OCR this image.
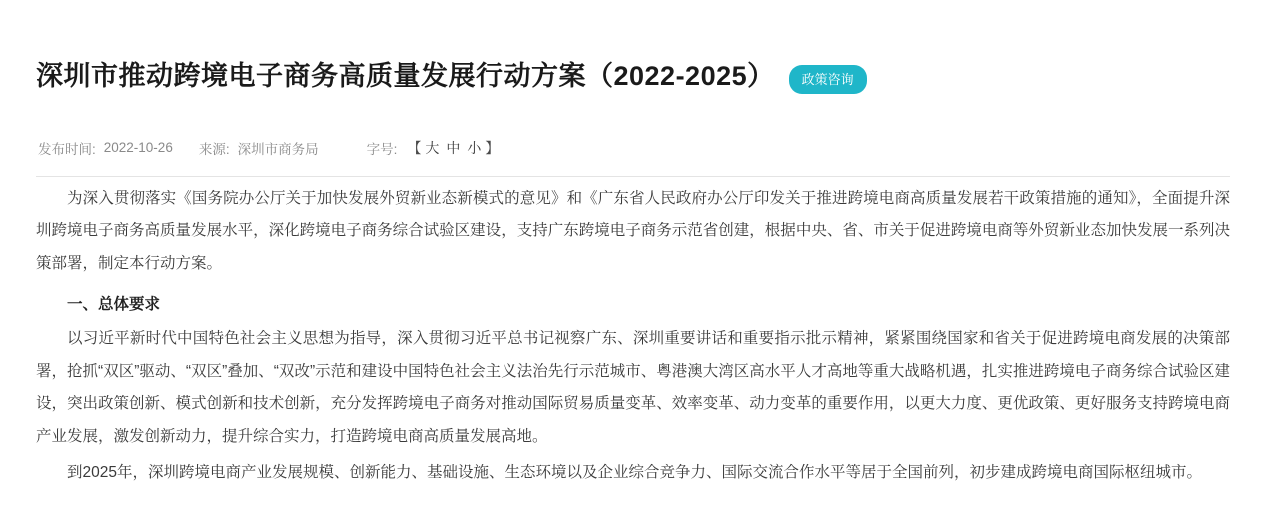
深圳市推动跨境电子商务高质量发展行动方案（2022-2025）	政策咨询
发布时间: 2022-10-26 来源: 深圳市商务局	字号: 【 大 中 小 】

为深入贯彻落实《国务院办公厅关于加快发展外贸新业态新模式的意见》和《广东省人民政府办公厅印发关于推进跨境电商高质量发展若干政策措施的通知》，全面提升深圳跨境电子商务高质量发展水平，深化跨境电子商务综合试验区建设，支持广东跨境电子商务示范省创建，根据中央、省、市关于促进跨境电商等外贸新业态加快发展一系列决策部署，制定本行动方案。

一、总体要求

以习近平新时代中国特色社会主义思想为指导，深入贯彻习近平总书记视察广东、深圳重要讲话和重要指示批示精神，紧紧围绕国家和省关于促进跨境电商发展的决策部署，抢抓“双区”驱动、“双区”叠加、“双改”示范和建设中国特色社会主义法治先行示范城市、粤港澳大湾区高水平人才高地等重大战略机遇，扎实推进跨境电子商务综合试验区建设，突出政策创新、模式创新和技术创新，充分发挥跨境电子商务对推动国际贸易质量变革、效率变革、动力变革的重要作用，以更大力度、更优政策、更好服务支持跨境电商产业发展，激发创新动力，提升综合实力，打造跨境电商高质量发展高地。

到2025年，深圳跨境电商产业发展规模、创新能力、基础设施、生态环境以及企业综合竞争力、国际交流合作水平等居于全国前列，初步建成跨境电商国际枢纽城市。
